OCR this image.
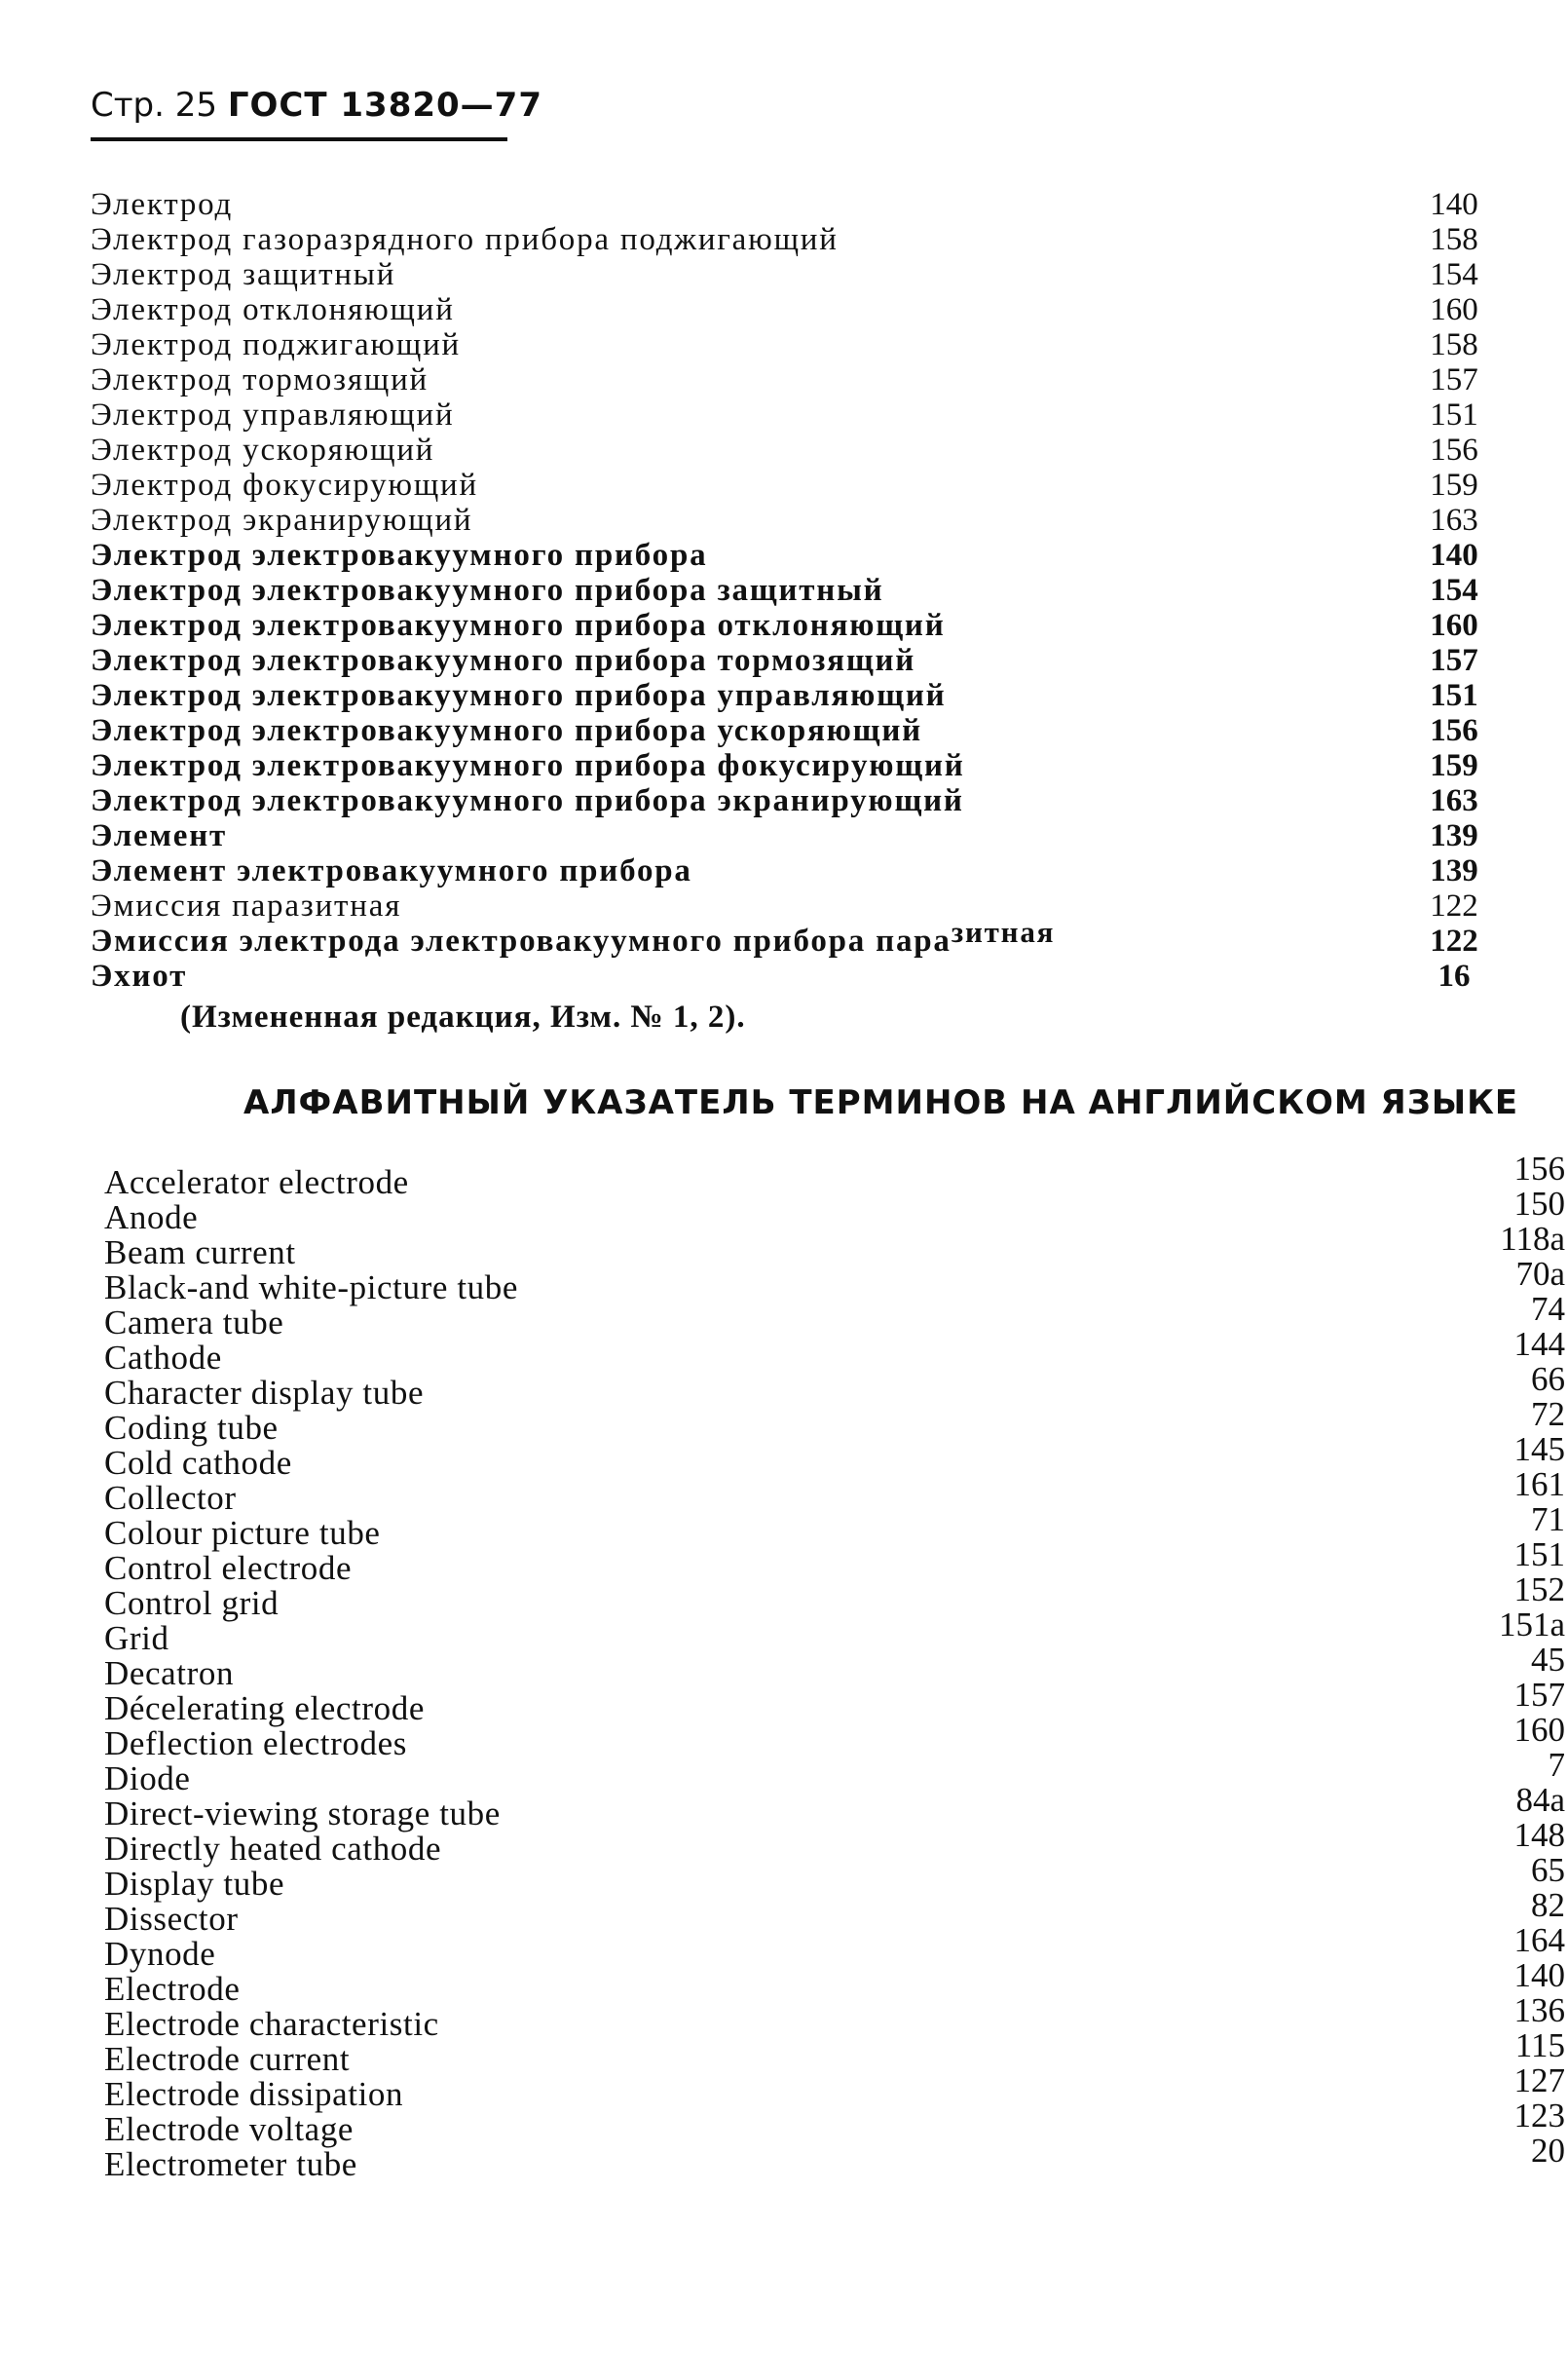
Стр. 25 ГОСТ 13820—77
Электрод	140
Электрод газоразрядного прибора поджигающий	158
Электрод защитный	154
Электрод отклоняющий	160
Электрод поджигающий	158
Электрод тормозящий	157
Электрод управляющий	151
Электрод ускоряющий	156
Электрод фокусирующий	159
Электрод экранирующий	163
Электрод электровакуумного прибора	140
Электрод электровакуумного прибора защитный	154
Электрод электровакуумного прибора отклоняющий	160
Электрод электровакуумного прибора тормозящий	157
Электрод электровакуумного прибора управляющий	151
Электрод электровакуумного прибора ускоряющий	156
Электрод электровакуумного прибора фокусирующий	159
Электрод электровакуумного прибора экранирующий	163
Элемент	139
Элемент электровакуумного прибора	139
Эмиссия паразитная	122
Эмиссия электрода электровакуумного прибора паразитная	122
Эхиот	16
(Измененная редакция, Изм. № 1, 2).
АЛФАВИТНЫЙ УКАЗАТЕЛЬ ТЕРМИНОВ НА АНГЛИЙСКОМ ЯЗЫКЕ
Accelerator electrode	156
Anode	150
Beam current	118a
Black-and white-picture tube	70a
Camera tube	74
Cathode	144
Character display tube	66
Coding tube	72
Cold cathode	145
Collector	161
Colour picture tube	71
Control electrode	151
Control grid	152
Grid	151a
Decatron	45
Décelerating electrode	157
Deflection electrodes	160
Diode	7
Direct-viewing storage tube	84a
Directly heated cathode	148
Display tube	65
Dissector	82
Dynode	164
Electrode	140
Electrode characteristic	136
Electrode current	115
Electrode dissipation	127
Electrode voltage	123
Electrometer tube	20
